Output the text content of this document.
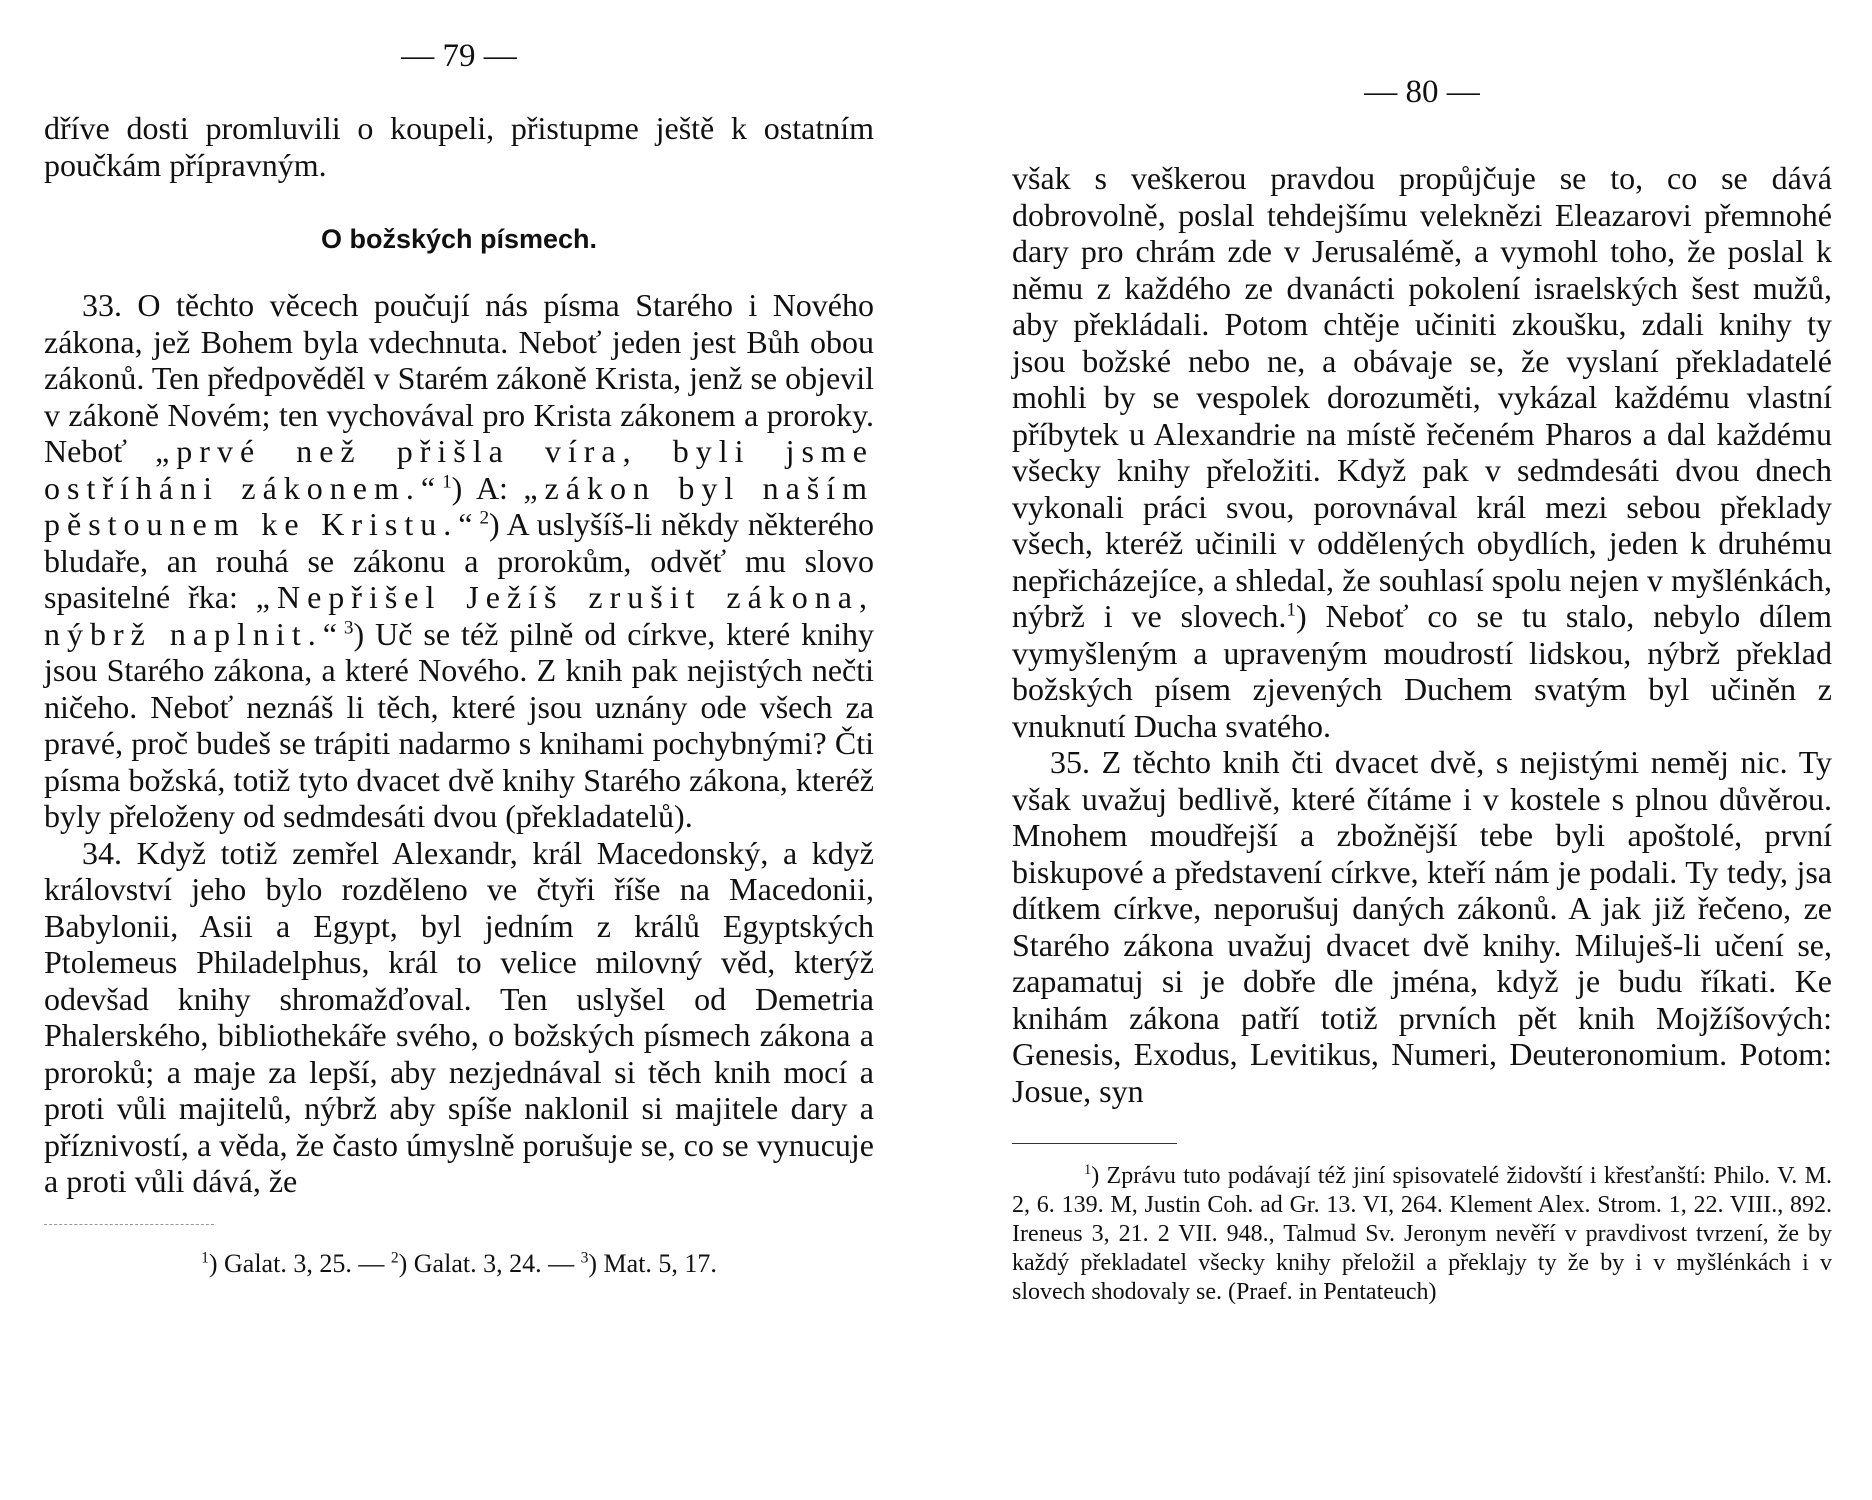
— 79 —

dříve dosti promluvili o koupeli, přistupme ještě k ostatním poučkám přípravným.

O božských písmech.

33. O těchto věcech poučují nás písma Starého i Nového zákona, jež Bohem byla vdechnuta. Neboť jeden jest Bůh obou zákonů. Ten předpověděl v Starém zákoně Krista, jenž se objevil v zákoně Novém; ten vychovával pro Krista zákonem a proroky. Neboť „prvé než přišla víra, byli jsme ostříháni zákonem.“$^1$) A: „zákon byl naším pěstounem ke Kristu.“$^2$) A uslyšíš-li někdy některého bludaře, an rouhá se zákonu a prorokům, odvěť mu slovo spasitelné řka: „Nepřišel Ježíš zrušit zákona, nýbrž naplnit.“$^3$) Uč se též pilně od církve, které knihy jsou Starého zákona, a které Nového. Z knih pak nejistých nečti ničeho. Neboť neznáš li těch, které jsou uznány ode všech za pravé, proč budeš se trápiti nadarmo s knihami pochybnými? Čti písma božská, totiž tyto dvacet dvě knihy Starého zákona, kteréž byly přeloženy od sedmdesáti dvou (překladatelů).

34. Když totiž zemřel Alexandr, král Macedonský, a když království jeho bylo rozděleno ve čtyři říše na Macedonii, Babylonii, Asii a Egypt, byl jedním z králů Egyptských Ptolemeus Philadelphus, král to velice milovný věd, kterýž odevšad knihy shromažďoval. Ten uslyšel od Demetria Phalerského, bibliothekáře svého, o božských písmech zákona a proroků; a maje za lepší, aby nezjednával si těch knih mocí a proti vůli majitelů, nýbrž aby spíše naklonil si majitele dary a příznivostí, a věda, že často úmyslně porušuje se, co se vynucuje a proti vůli dává, že

$^1$) Galat. 3, 25. — $^2$) Galat. 3, 24. — $^3$) Mat. 5, 17.

— 80 —

však s veškerou pravdou propůjčuje se to, co se dává dobrovolně, poslal tehdejšímu veleknězi Eleazarovi přemnohé dary pro chrám zde v Jerusalémě, a vymohl toho, že poslal k němu z každého ze dvanácti pokolení israelských šest mužů, aby překládali. Potom chtěje učiniti zkoušku, zdali knihy ty jsou božské nebo ne, a obávaje se, že vyslaní překladatelé mohli by se vespolek dorozuměti, vykázal každému vlastní příbytek u Alexandrie na místě řečeném Pharos a dal každému všecky knihy přeložiti. Když pak v sedmdesáti dvou dnech vykonali práci svou, porovnával král mezi sebou překlady všech, kteréž učinili v oddělených obydlích, jeden k druhému nepřicházejíce, a shledal, že souhlasí spolu nejen v myšlénkách, nýbrž i ve slovech.$^1$) Neboť co se tu stalo, nebylo dílem vymyšleným a upraveným moudrostí lidskou, nýbrž překlad božských písem zjevených Duchem svatým byl učiněn z vnuknutí Ducha svatého.

35. Z těchto knih čti dvacet dvě, s nejistými neměj nic. Ty však uvažuj bedlivě, které čítáme i v kostele s plnou důvěrou. Mnohem moudřejší a zbožnější tebe byli apoštolé, první biskupové a představení církve, kteří nám je podali. Ty tedy, jsa dítkem církve, neporušuj daných zákonů. A jak již řečeno, ze Starého zákona uvažuj dvacet dvě knihy. Miluješ-li učení se, zapamatuj si je dobře dle jména, když je budu říkati. Ke knihám zákona patří totiž prvních pět knih Mojžíšových: Genesis, Exodus, Levitikus, Numeri, Deuteronomium. Potom: Josue, syn

$^1$) Zprávu tuto podávají též jiní spisovatelé židovští i křesťanští: Philo. V. M. 2, 6. 139. M, Justin Coh. ad Gr. 13. VI, 264. Klement Alex. Strom. 1, 22. VIII., 892. Ireneus 3, 21. 2 VII. 948., Talmud Sv. Jeronym nevěří v pravdivost tvrzení, že by každý překladatel všecky knihy přeložil a překlajy ty že by i v myšlénkách i v slovech shodovaly se. (Praef. in Pentateuch)
